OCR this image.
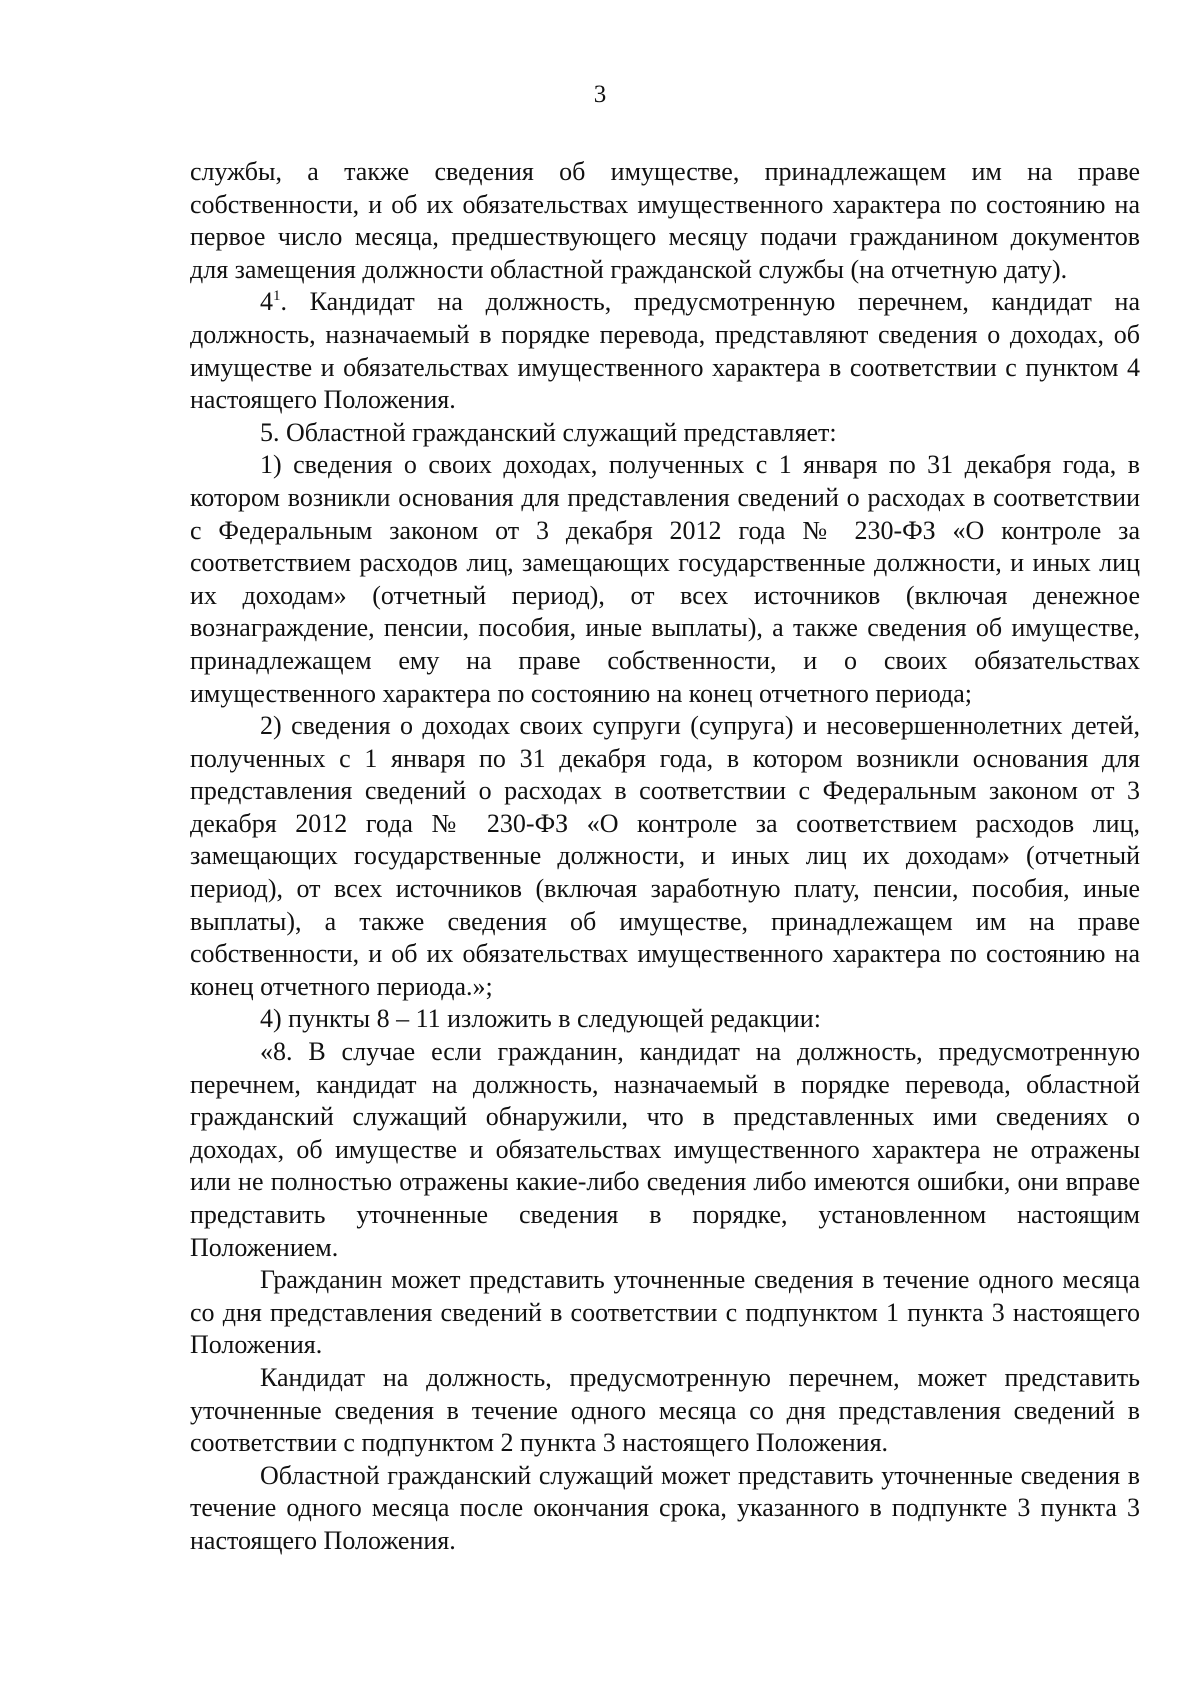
3

службы, а также сведения об имуществе, принадлежащем им на праве собственности, и об их обязательствах имущественного характера по состоянию на первое число месяца, предшествующего месяцу подачи гражданином документов для замещения должности областной гражданской службы (на отчетную дату).

$4^1$. Кандидат на должность, предусмотренную перечнем, кандидат на должность, назначаемый в порядке перевода, представляют сведения о доходах, об имуществе и обязательствах имущественного характера в соответствии с пунктом 4 настоящего Положения.

5. Областной гражданский служащий представляет:

1) сведения о своих доходах, полученных с 1 января по 31 декабря года, в котором возникли основания для представления сведений о расходах в соответствии с Федеральным законом от 3 декабря 2012 года № 230-ФЗ «О контроле за соответствием расходов лиц, замещающих государственные должности, и иных лиц их доходам» (отчетный период), от всех источников (включая денежное вознаграждение, пенсии, пособия, иные выплаты), а также сведения об имуществе, принадлежащем ему на праве собственности, и о своих обязательствах имущественного характера по состоянию на конец отчетного периода;

2) сведения о доходах своих супруги (супруга) и несовершеннолетних детей, полученных с 1 января по 31 декабря года, в котором возникли основания для представления сведений о расходах в соответствии с Федеральным законом от 3 декабря 2012 года № 230-ФЗ «О контроле за соответствием расходов лиц, замещающих государственные должности, и иных лиц их доходам» (отчетный период), от всех источников (включая заработную плату, пенсии, пособия, иные выплаты), а также сведения об имуществе, принадлежащем им на праве собственности, и об их обязательствах имущественного характера по состоянию на конец отчетного периода.»;

4) пункты 8 – 11 изложить в следующей редакции:

«8. В случае если гражданин, кандидат на должность, предусмотренную перечнем, кандидат на должность, назначаемый в порядке перевода, областной гражданский служащий обнаружили, что в представленных ими сведениях о доходах, об имуществе и обязательствах имущественного характера не отражены или не полностью отражены какие-либо сведения либо имеются ошибки, они вправе представить уточненные сведения в порядке, установленном настоящим Положением.

Гражданин может представить уточненные сведения в течение одного месяца со дня представления сведений в соответствии с подпунктом 1 пункта 3 настоящего Положения.

Кандидат на должность, предусмотренную перечнем, может представить уточненные сведения в течение одного месяца со дня представления сведений в соответствии с подпунктом 2 пункта 3 настоящего Положения.

Областной гражданский служащий может представить уточненные сведения в течение одного месяца после окончания срока, указанного в подпункте 3 пункта 3 настоящего Положения.
